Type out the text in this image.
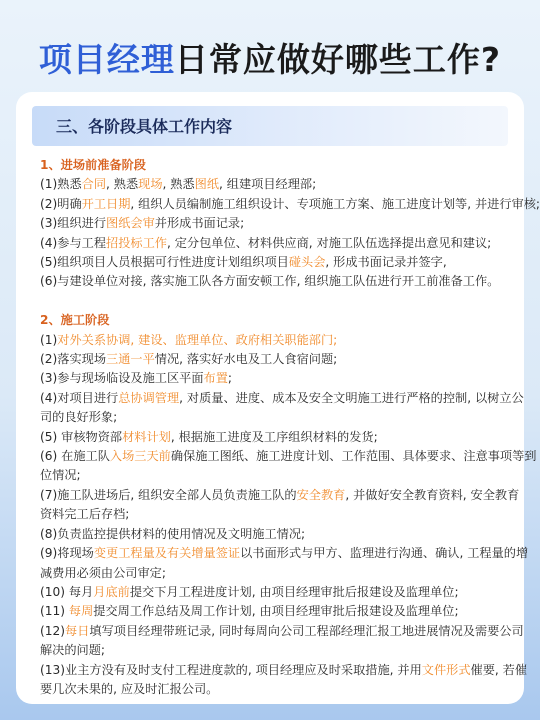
项目经理日常应做好哪些工作?
三、各阶段具体工作内容
1、进场前准备阶段
(1)熟悉合同, 熟悉现场, 熟悉图纸, 组建项目经理部;
(2)明确开工日期, 组织人员编制施工组织设计、专项施工方案、施工进度计划等, 并进行审核;
(3)组织进行图纸会审并形成书面记录;
(4)参与工程招投标工作, 定分包单位、材料供应商, 对施工队伍选择提出意见和建议;
(5)组织项目人员根据可行性进度计划组织项目碰头会, 形成书面记录并签字,
(6)与建设单位对接, 落实施工队各方面安顿工作, 组织施工队伍进行开工前准备工作。
2、施工阶段
(1)对外关系协调, 建设、监理单位、政府相关职能部门;
(2)落实现场三通一平情况, 落实好水电及工人食宿问题;
(3)参与现场临设及施工区平面布置;
(4)对项目进行总协调管理, 对质量、进度、成本及安全文明施工进行严格的控制, 以树立公
司的良好形象;
(5) 审核物资部材料计划, 根据施工进度及工序组织材料的发货;
(6) 在施工队入场三天前确保施工图纸、施工进度计划、工作范围、具体要求、注意事项等到
位情况;
(7)施工队进场后, 组织安全部人员负责施工队的安全教育, 并做好安全教育资料, 安全教育
资料完工后存档;
(8)负责监控提供材料的使用情况及文明施工情况;
(9)将现场变更工程量及有关增量签证以书面形式与甲方、监理进行沟通、确认, 工程量的增
减费用必须由公司审定;
(10) 每月月底前提交下月工程进度计划, 由项目经理审批后报建设及监理单位;
(11) 每周提交周工作总结及周工作计划, 由项目经理审批后报建设及监理单位;
(12)每日填写项目经理带班记录, 同时每周向公司工程部经理汇报工地进展情况及需要公司
解决的问题;
(13)业主方没有及时支付工程进度款的, 项目经理应及时采取措施, 并用文件形式催要, 若催
要几次未果的, 应及时汇报公司。
